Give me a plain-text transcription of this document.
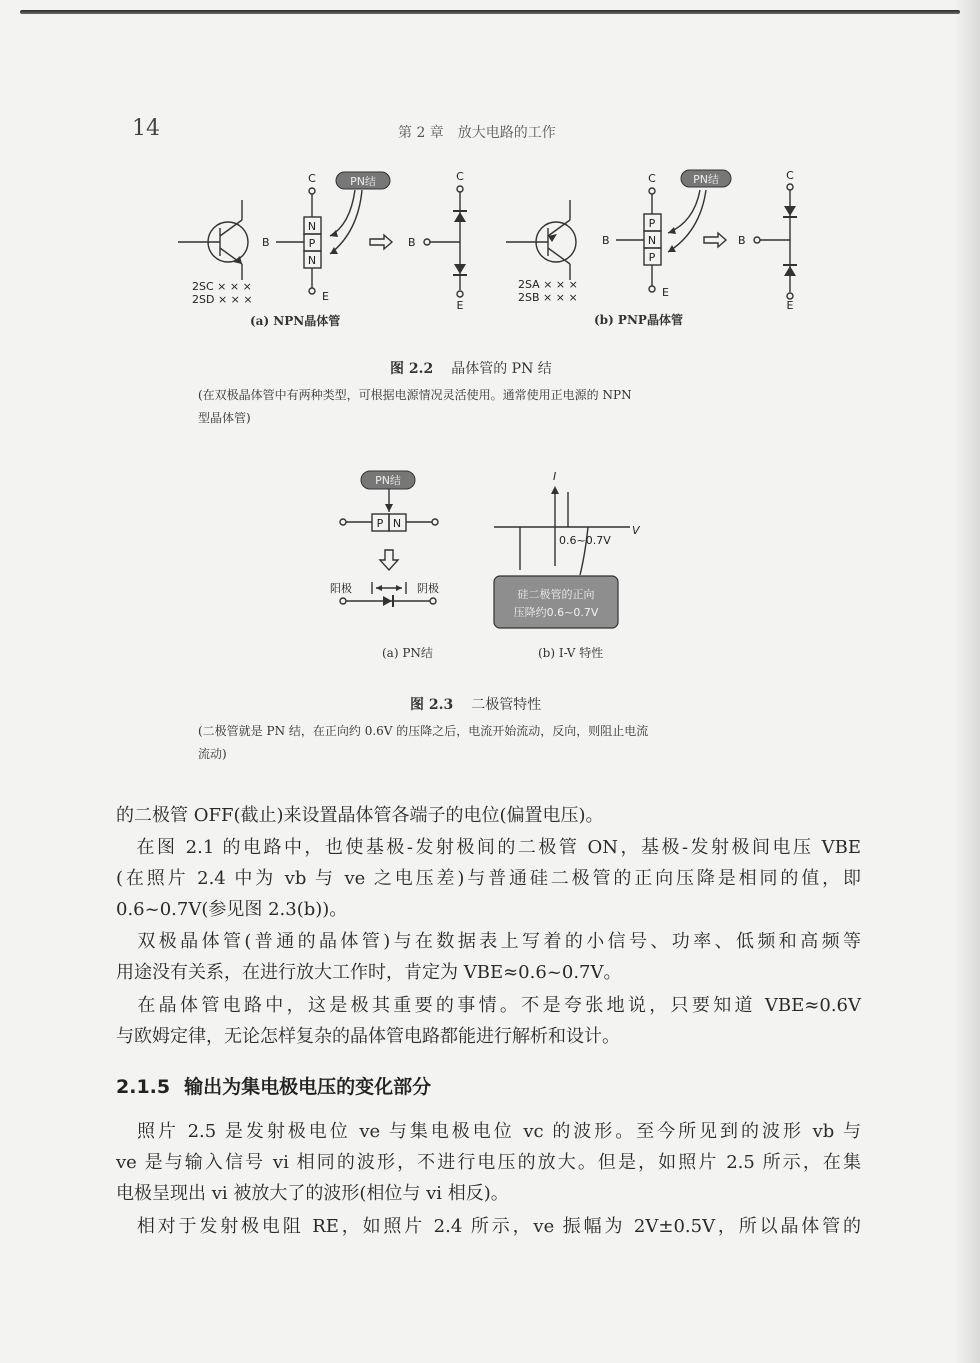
14	第 2 章　放大电路的工作
PN结	PN结
C
E
B
N
P
N
2SC × × ×
2SD × × ×
B
C
E
C
E
B
P
N
P
2SA × × ×
2SB × × ×
B
C
E
(a) NPN晶体管	(b) PNP晶体管
图 2.2 晶体管的 PN 结
(在双极晶体管中有两种类型，可根据电源情况灵活使用。通常使用正电源的 NPN
型晶体管)
PN结
P N
阳极	阴极
I
V
0.6~0.7V
硅二极管的正向
压降约0.6~0.7V
(a) PN结	(b) I-V 特性
图 2.3 二极管特性
(二极管就是 PN 结，在正向约 0.6V 的压降之后，电流开始流动，反向，则阻止电流
流动)
的二极管 OFF(截止)来设置晶体管各端子的电位(偏置电压)。
　在图 2.1 的电路中，也使基极-发射极间的二极管 ON，基极-发射极间电压 VBE
(在照片 2.4 中为 vb 与 ve 之电压差)与普通硅二极管的正向压降是相同的值，即
0.6~0.7V(参见图 2.3(b))。
　双极晶体管(普通的晶体管)与在数据表上写着的小信号、功率、低频和高频等
用途没有关系，在进行放大工作时，肯定为 VBE≈0.6~0.7V。
　在晶体管电路中，这是极其重要的事情。不是夸张地说，只要知道 VBE≈0.6V
与欧姆定律，无论怎样复杂的晶体管电路都能进行解析和设计。
2.1.5 输出为集电极电压的变化部分
　照片 2.5 是发射极电位 ve 与集电极电位 vc 的波形。至今所见到的波形 vb 与
ve 是与输入信号 vi 相同的波形，不进行电压的放大。但是，如照片 2.5 所示，在集
电极呈现出 vi 被放大了的波形(相位与 vi 相反)。
　相对于发射极电阻 RE，如照片 2.4 所示，ve 振幅为 2V±0.5V，所以晶体管的
